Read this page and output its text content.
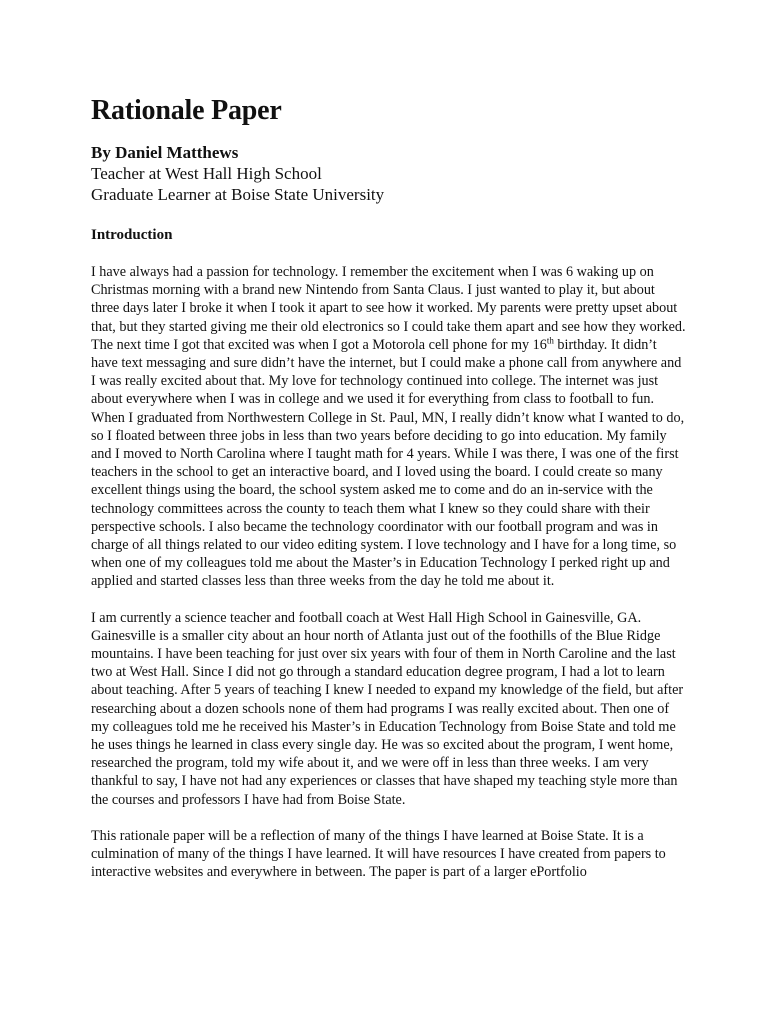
Rationale Paper
By Daniel Matthews
Teacher at West Hall High School
Graduate Learner at Boise State University
Introduction

I have always had a passion for technology. I remember the excitement when I was 6 waking up on Christmas morning with a brand new Nintendo from Santa Claus. I just wanted to play it, but about three days later I broke it when I took it apart to see how it worked. My parents were pretty upset about that, but they started giving me their old electronics so I could take them apart and see how they worked. The next time I got that excited was when I got a Motorola cell phone for my 16th birthday. It didn’t have text messaging and sure didn’t have the internet, but I could make a phone call from anywhere and I was really excited about that. My love for technology continued into college. The internet was just about everywhere when I was in college and we used it for everything from class to football to fun. When I graduated from Northwestern College in St. Paul, MN, I really didn’t know what I wanted to do, so I floated between three jobs in less than two years before deciding to go into education. My family and I moved to North Carolina where I taught math for 4 years. While I was there, I was one of the first teachers in the school to get an interactive board, and I loved using the board. I could create so many excellent things using the board, the school system asked me to come and do an in-service with the technology committees across the county to teach them what I knew so they could share with their perspective schools. I also became the technology coordinator with our football program and was in charge of all things related to our video editing system. I love technology and I have for a long time, so when one of my colleagues told me about the Master’s in Education Technology I perked right up and applied and started classes less than three weeks from the day he told me about it.

I am currently a science teacher and football coach at West Hall High School in Gainesville, GA. Gainesville is a smaller city about an hour north of Atlanta just out of the foothills of the Blue Ridge mountains. I have been teaching for just over six years with four of them in North Caroline and the last two at West Hall. Since I did not go through a standard education degree program, I had a lot to learn about teaching. After 5 years of teaching I knew I needed to expand my knowledge of the field, but after researching about a dozen schools none of them had programs I was really excited about. Then one of my colleagues told me he received his Master’s in Education Technology from Boise State and told me he uses things he learned in class every single day. He was so excited about the program, I went home, researched the program, told my wife about it, and we were off in less than three weeks. I am very thankful to say, I have not had any experiences or classes that have shaped my teaching style more than the courses and professors I have had from Boise State.

This rationale paper will be a reflection of many of the things I have learned at Boise State. It is a culmination of many of the things I have learned. It will have resources I have created from papers to interactive websites and everywhere in between. The paper is part of a larger ePortfolio
